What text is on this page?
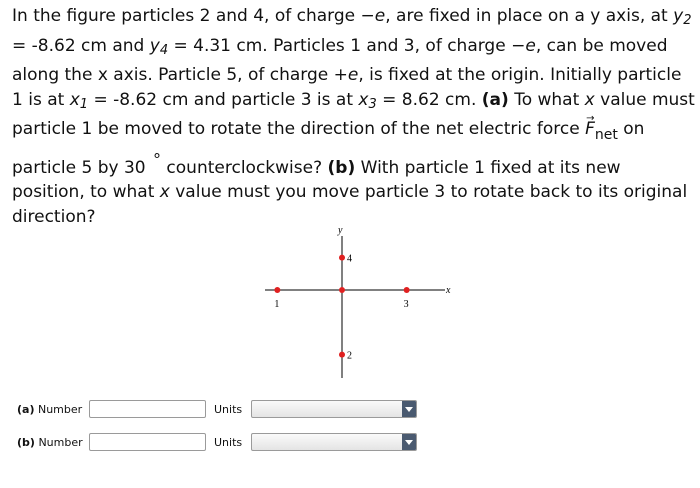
In the figure particles 2 and 4, of charge −e, are fixed in place on a y axis, at $y_2 = -8.62$ cm and $y_4 = 4.31$ cm. Particles 1 and 3, of charge −e, can be moved along the x axis. Particle 5, of charge +e, is fixed at the origin. Initially particle 1 is at $x_1 = -8.62$ cm and particle 3 is at $x_3 = 8.62$ cm. (a) To what x value must particle 1 be moved to rotate the direction of the net electric force → $F_{net}$ on particle 5 by 30 ° counterclockwise? (b) With particle 1 fixed at its new position, to what x value must you move particle 3 to rotate back to its original direction?

y
x
1	3
4
2
(a) Number	Units
(b) Number	Units
